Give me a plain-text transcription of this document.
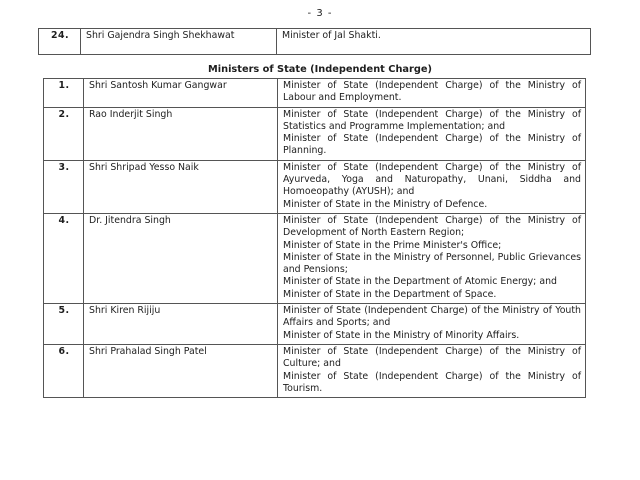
- 3 -
24.	Shri Gajendra Singh Shekhawat	Minister of Jal Shakti.
Ministers of State (Independent Charge)
1.	Shri Santosh Kumar Gangwar	Minister of State (Independent Charge) of the Ministry of Labour and Employment.

2.	Rao Inderjit Singh	Minister of State (Independent Charge) of the Ministry of Statistics and Programme Implementation; and
Minister of State (Independent Charge) of the Ministry of Planning.

3.	Shri Shripad Yesso Naik	Minister of State (Independent Charge) of the Ministry of Ayurveda, Yoga and Naturopathy, Unani, Siddha and Homoeopathy (AYUSH); and
Minister of State in the Ministry of Defence.

4.	Dr. Jitendra Singh	Minister of State (Independent Charge) of the Ministry of Development of North Eastern Region;
Minister of State in the Prime Minister's Office;
Minister of State in the Ministry of Personnel, Public Grievances and Pensions;
Minister of State in the Department of Atomic Energy; and
Minister of State in the Department of Space.

5.	Shri Kiren Rijiju	Minister of State (Independent Charge) of the Ministry of Youth Affairs and Sports; and
Minister of State in the Ministry of Minority Affairs.

6.	Shri Prahalad Singh Patel	Minister of State (Independent Charge) of the Ministry of Culture; and
Minister of State (Independent Charge) of the Ministry of Tourism.
